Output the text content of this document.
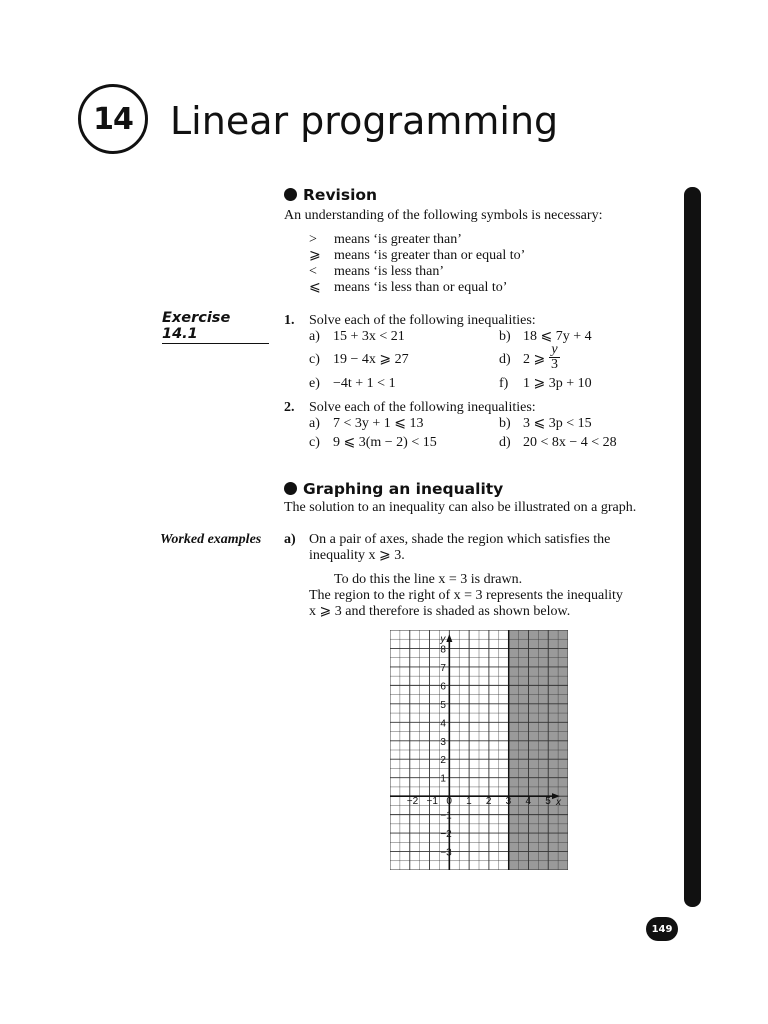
14 Linear programming
Revision
An understanding of the following symbols is necessary:
> means ‘is greater than’
⩾ means ‘is greater than or equal to’
< means ‘is less than’
⩽ means ‘is less than or equal to’
Exercise 14.1
1. Solve each of the following inequalities:
a) 15 + 3x < 21	b) 18 ⩽ 7y + 4
c) 19 − 4x ⩾ 27	d) 2 ⩾
y
3
e) −4t + 1 < 1	f) 1 ⩾ 3p + 10
2. Solve each of the following inequalities:
a) 7 < 3y + 1 ⩽ 13	b) 3 ⩽ 3p < 15
c) 9 ⩽ 3(m − 2) < 15	d) 20 < 8x − 4 < 28
Graphing an inequality
The solution to an inequality can also be illustrated on a graph.
Worked examples a) On a pair of axes, shade the region which satisfies the
inequality x ⩾ 3.
To do this the line x = 3 is drawn.
The region to the right of x = 3 represents the inequality
x ⩾ 3 and therefore is shaded as shown below.
−2 −1 0 1 2 3 4 5
8
7
6
5
4
3
2
1
−1
−2
−3
x
y
149
